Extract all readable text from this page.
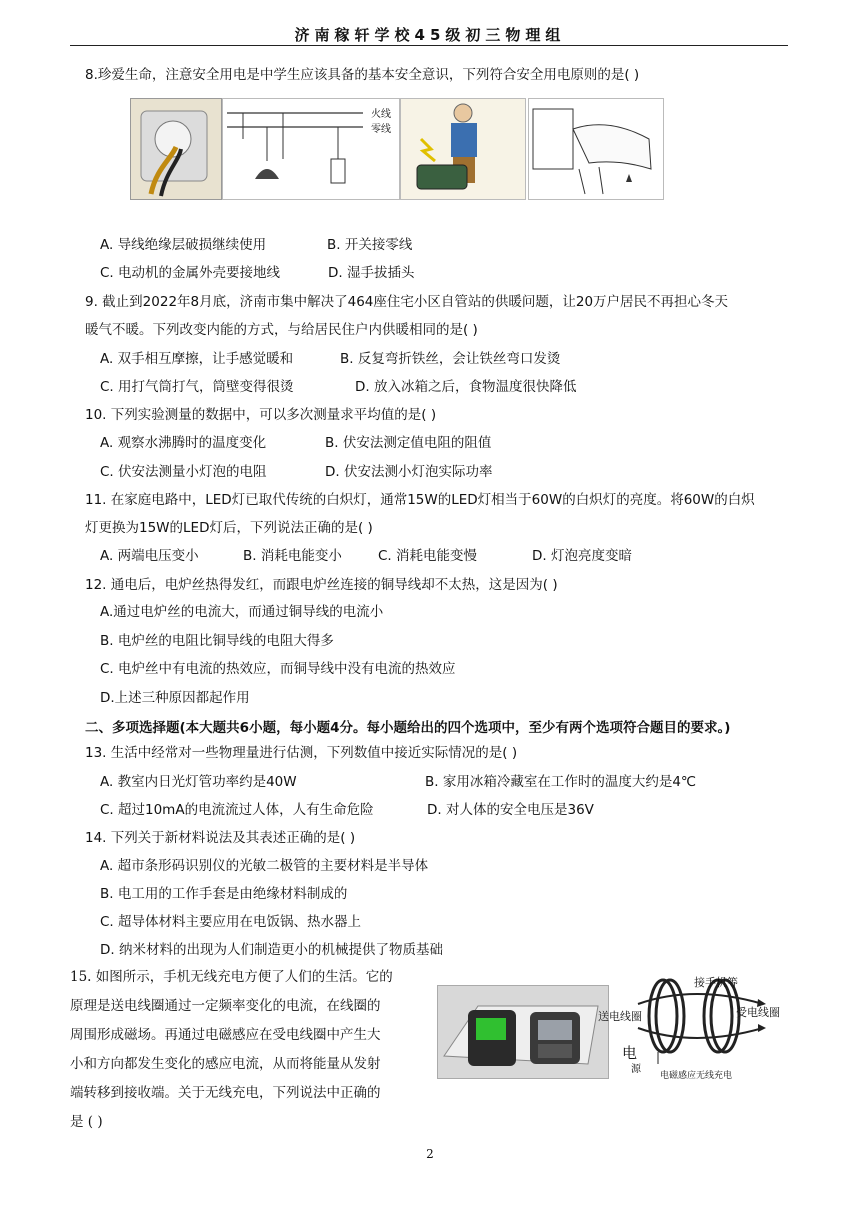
济南稼轩学校45级初三物理组
8.珍爱生命，注意安全用电是中学生应该具备的基本安全意识，下列符合安全用电原则的是( )
火线
零线
A. 导线绝缘层破损继续使用	B. 开关接零线
C. 电动机的金属外壳要接地线	D. 湿手拔插头
9. 截止到2022年8月底，济南市集中解决了464座住宅小区自管站的供暖问题，让20万户居民不再担心冬天
暖气不暖。下列改变内能的方式，与给居民住户内供暖相同的是( )
A. 双手相互摩擦，让手感觉暖和	B. 反复弯折铁丝，会让铁丝弯口发烫
C. 用打气筒打气，筒壁变得很烫	D. 放入冰箱之后，食物温度很快降低
10. 下列实验测量的数据中，可以多次测量求平均值的是( )
A. 观察水沸腾时的温度变化	B. 伏安法测定值电阻的阻值
C. 伏安法测量小灯泡的电阻	D. 伏安法测小灯泡实际功率
11. 在家庭电路中，LED灯已取代传统的白炽灯，通常15W的LED灯相当于60W的白炽灯的亮度。将60W的白炽
灯更换为15W的LED灯后，下列说法正确的是( )
A. 两端电压变小	B. 消耗电能变小	C. 消耗电能变慢	D. 灯泡亮度变暗
12. 通电后，电炉丝热得发红，而跟电炉丝连接的铜导线却不太热，这是因为( )
A.通过电炉丝的电流大，而通过铜导线的电流小
B. 电炉丝的电阻比铜导线的电阻大得多
C. 电炉丝中有电流的热效应，而铜导线中没有电流的热效应
D.上述三种原因都起作用
二、多项选择题(本大题共6小题，每小题4分。每小题给出的四个选项中，至少有两个选项符合题目的要求。)
13. 生活中经常对一些物理量进行估测，下列数值中接近实际情况的是( )
A. 教室内日光灯管功率约是40W	B. 家用冰箱冷藏室在工作时的温度大约是4℃
C. 超过10mA的电流流过人体，人有生命危险	D. 对人体的安全电压是36V
14. 下列关于新材料说法及其表述正确的是( )
A. 超市条形码识别仪的光敏二极管的主要材料是半导体
B. 电工用的工作手套是由绝缘材料制成的
C. 超导体材料主要应用在电饭锅、热水器上
D. 纳米材料的出现为人们制造更小的机械提供了物质基础
15. 如图所示，手机无线充电方便了人们的生活。它的
原理是送电线圈通过一定频率变化的电流，在线圈的
周围形成磁场。再通过电磁感应在受电线圈中产生大
小和方向都发生变化的感应电流，从而将能量从发射
端转移到接收端。关于无线充电，下列说法中正确的
是 ( )
接手机等
送电线圈	受电线圈
电
源
电磁感应无线充电
2
